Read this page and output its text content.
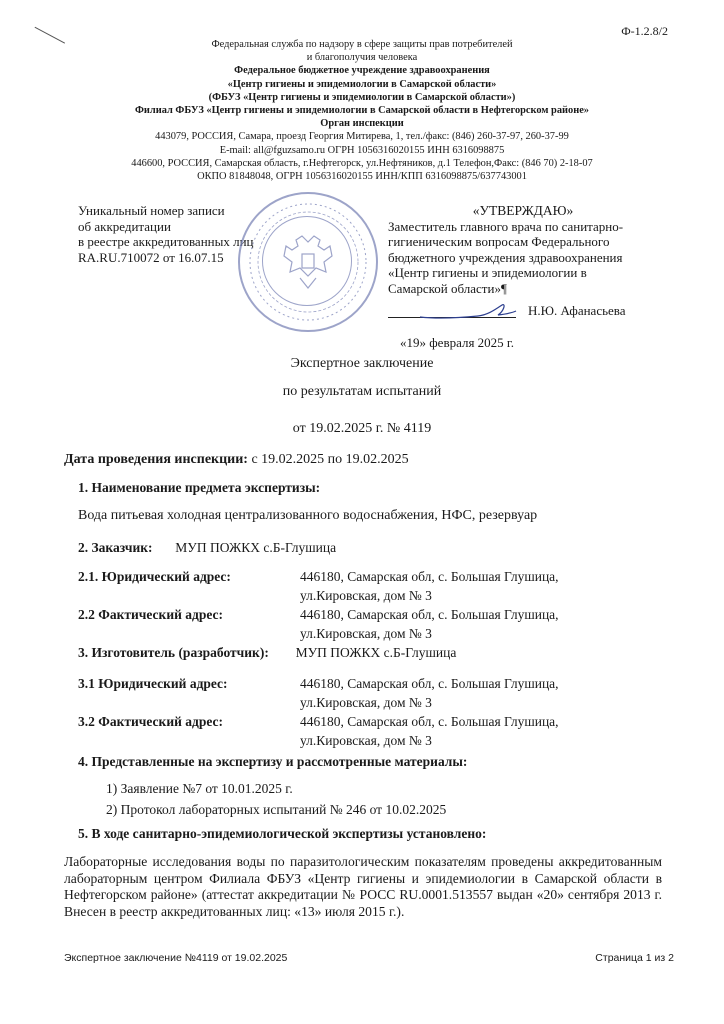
Ф-1.2.8/2
Федеральная служба по надзору в сфере защиты прав потребителей
и благополучия человека
Федеральное бюджетное учреждение здравоохранения
«Центр гигиены и эпидемиологии в Самарской области»
(ФБУЗ «Центр гигиены и эпидемиологии в Самарской области»)
Филиал ФБУЗ «Центр гигиены и эпидемиологии в Самарской области в Нефтегорском районе»
Орган инспекции
443079, РОССИЯ, Самара, проезд Георгия Митирева, 1, тел./факс: (846) 260-37-97, 260-37-99
E-mail: all@fguzsamo.ru ОГРН 1056316020155 ИНН 6316098875
446600, РОССИЯ, Самарская область, г.Нефтегорск, ул.Нефтяников, д.1 Телефон,Факс: (846 70) 2-18-07
ОКПО 81848048, ОГРН 1056316020155 ИНН/КПП 6316098875/637743001
Уникальный номер записи
об аккредитации
в реестре аккредитованных лиц
RA.RU.710072 от 16.07.15
«УТВЕРЖДАЮ»
Заместитель главного врача по санитарно-
гигиеническим вопросам Федерального
бюджетного учреждения здравоохранения
«Центр гигиены и эпидемиологии в
Самарской области»¶
Н.Ю. Афанасьева
«19» февраля 2025 г.
Экспертное заключение
по результатам испытаний
от 19.02.2025 г. № 4119
Дата проведения инспекции: с 19.02.2025 по 19.02.2025
1. Наименование предмета экспертизы:
Вода питьевая холодная централизованного водоснабжения, НФС, резервуар
2. Заказчик: МУП ПОЖКХ с.Б-Глушица
2.1. Юридический адрес:	446180, Самарская обл, с. Большая Глушица,
ул.Кировская, дом № 3
2.2 Фактический адрес:	446180, Самарская обл, с. Большая Глушица,
ул.Кировская, дом № 3
3. Изготовитель (разработчик): МУП ПОЖКХ с.Б-Глушица
3.1 Юридический адрес:	446180, Самарская обл, с. Большая Глушица,
ул.Кировская, дом № 3
3.2 Фактический адрес:	446180, Самарская обл, с. Большая Глушица,
ул.Кировская, дом № 3
4. Представленные на экспертизу и рассмотренные материалы:
1) Заявление №7 от 10.01.2025 г.
2) Протокол лабораторных испытаний № 246 от 10.02.2025
5. В ходе санитарно-эпидемиологической экспертизы установлено:
Лабораторные исследования воды по паразитологическим показателям проведены аккредитованным лабораторным центром Филиала ФБУЗ «Центр гигиены и эпидемиологии в Самарской области в Нефтегорском районе» (аттестат аккредитации № РОСС RU.0001.513557 выдан «20» сентября 2013 г. Внесен в реестр аккредитованных лиц: «13» июля 2015 г.).
Экспертное заключение №4119 от 19.02.2025	Страница 1 из 2
